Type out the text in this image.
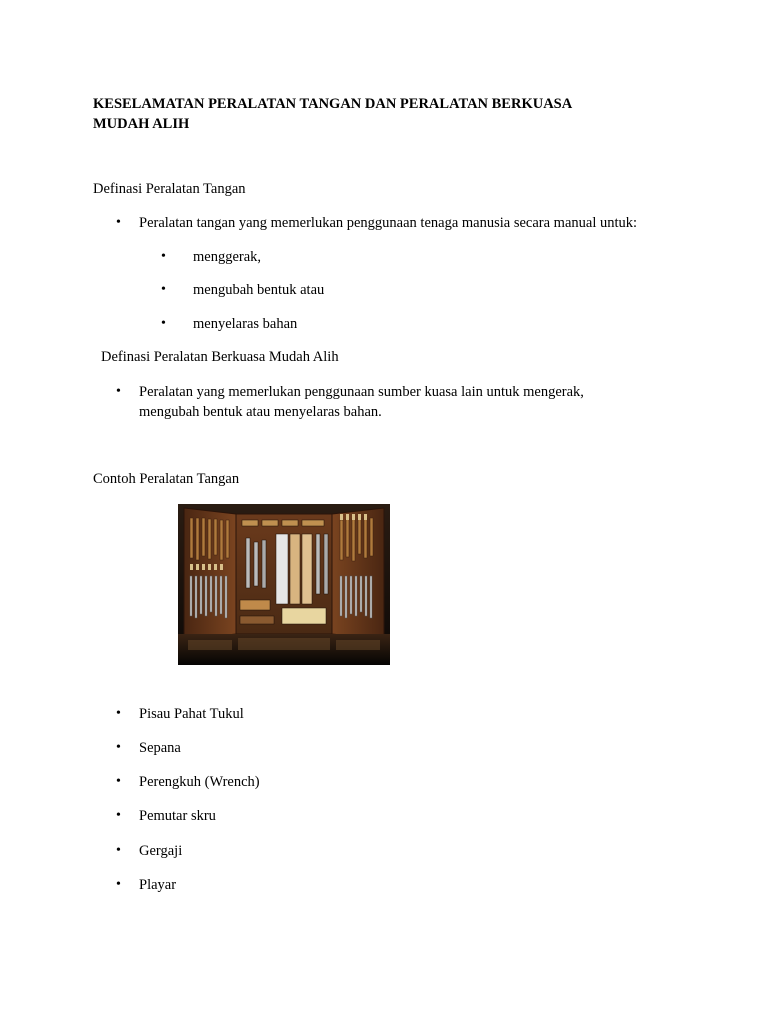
KESELAMATAN PERALATAN TANGAN DAN PERALATAN BERKUASA
MUDAH ALIH
Definasi Peralatan Tangan
• Peralatan tangan yang memerlukan penggunaan tenaga manusia secara manual untuk:
• menggerak,
• mengubah bentuk atau
• menyelaras bahan
Definasi Peralatan Berkuasa Mudah Alih
• Peralatan yang memerlukan penggunaan sumber kuasa lain untuk mengerak,
mengubah bentuk atau menyelaras bahan.
Contoh Peralatan Tangan
• Pisau Pahat Tukul
• Sepana
• Perengkuh (Wrench)
• Pemutar skru
• Gergaji
• Playar
